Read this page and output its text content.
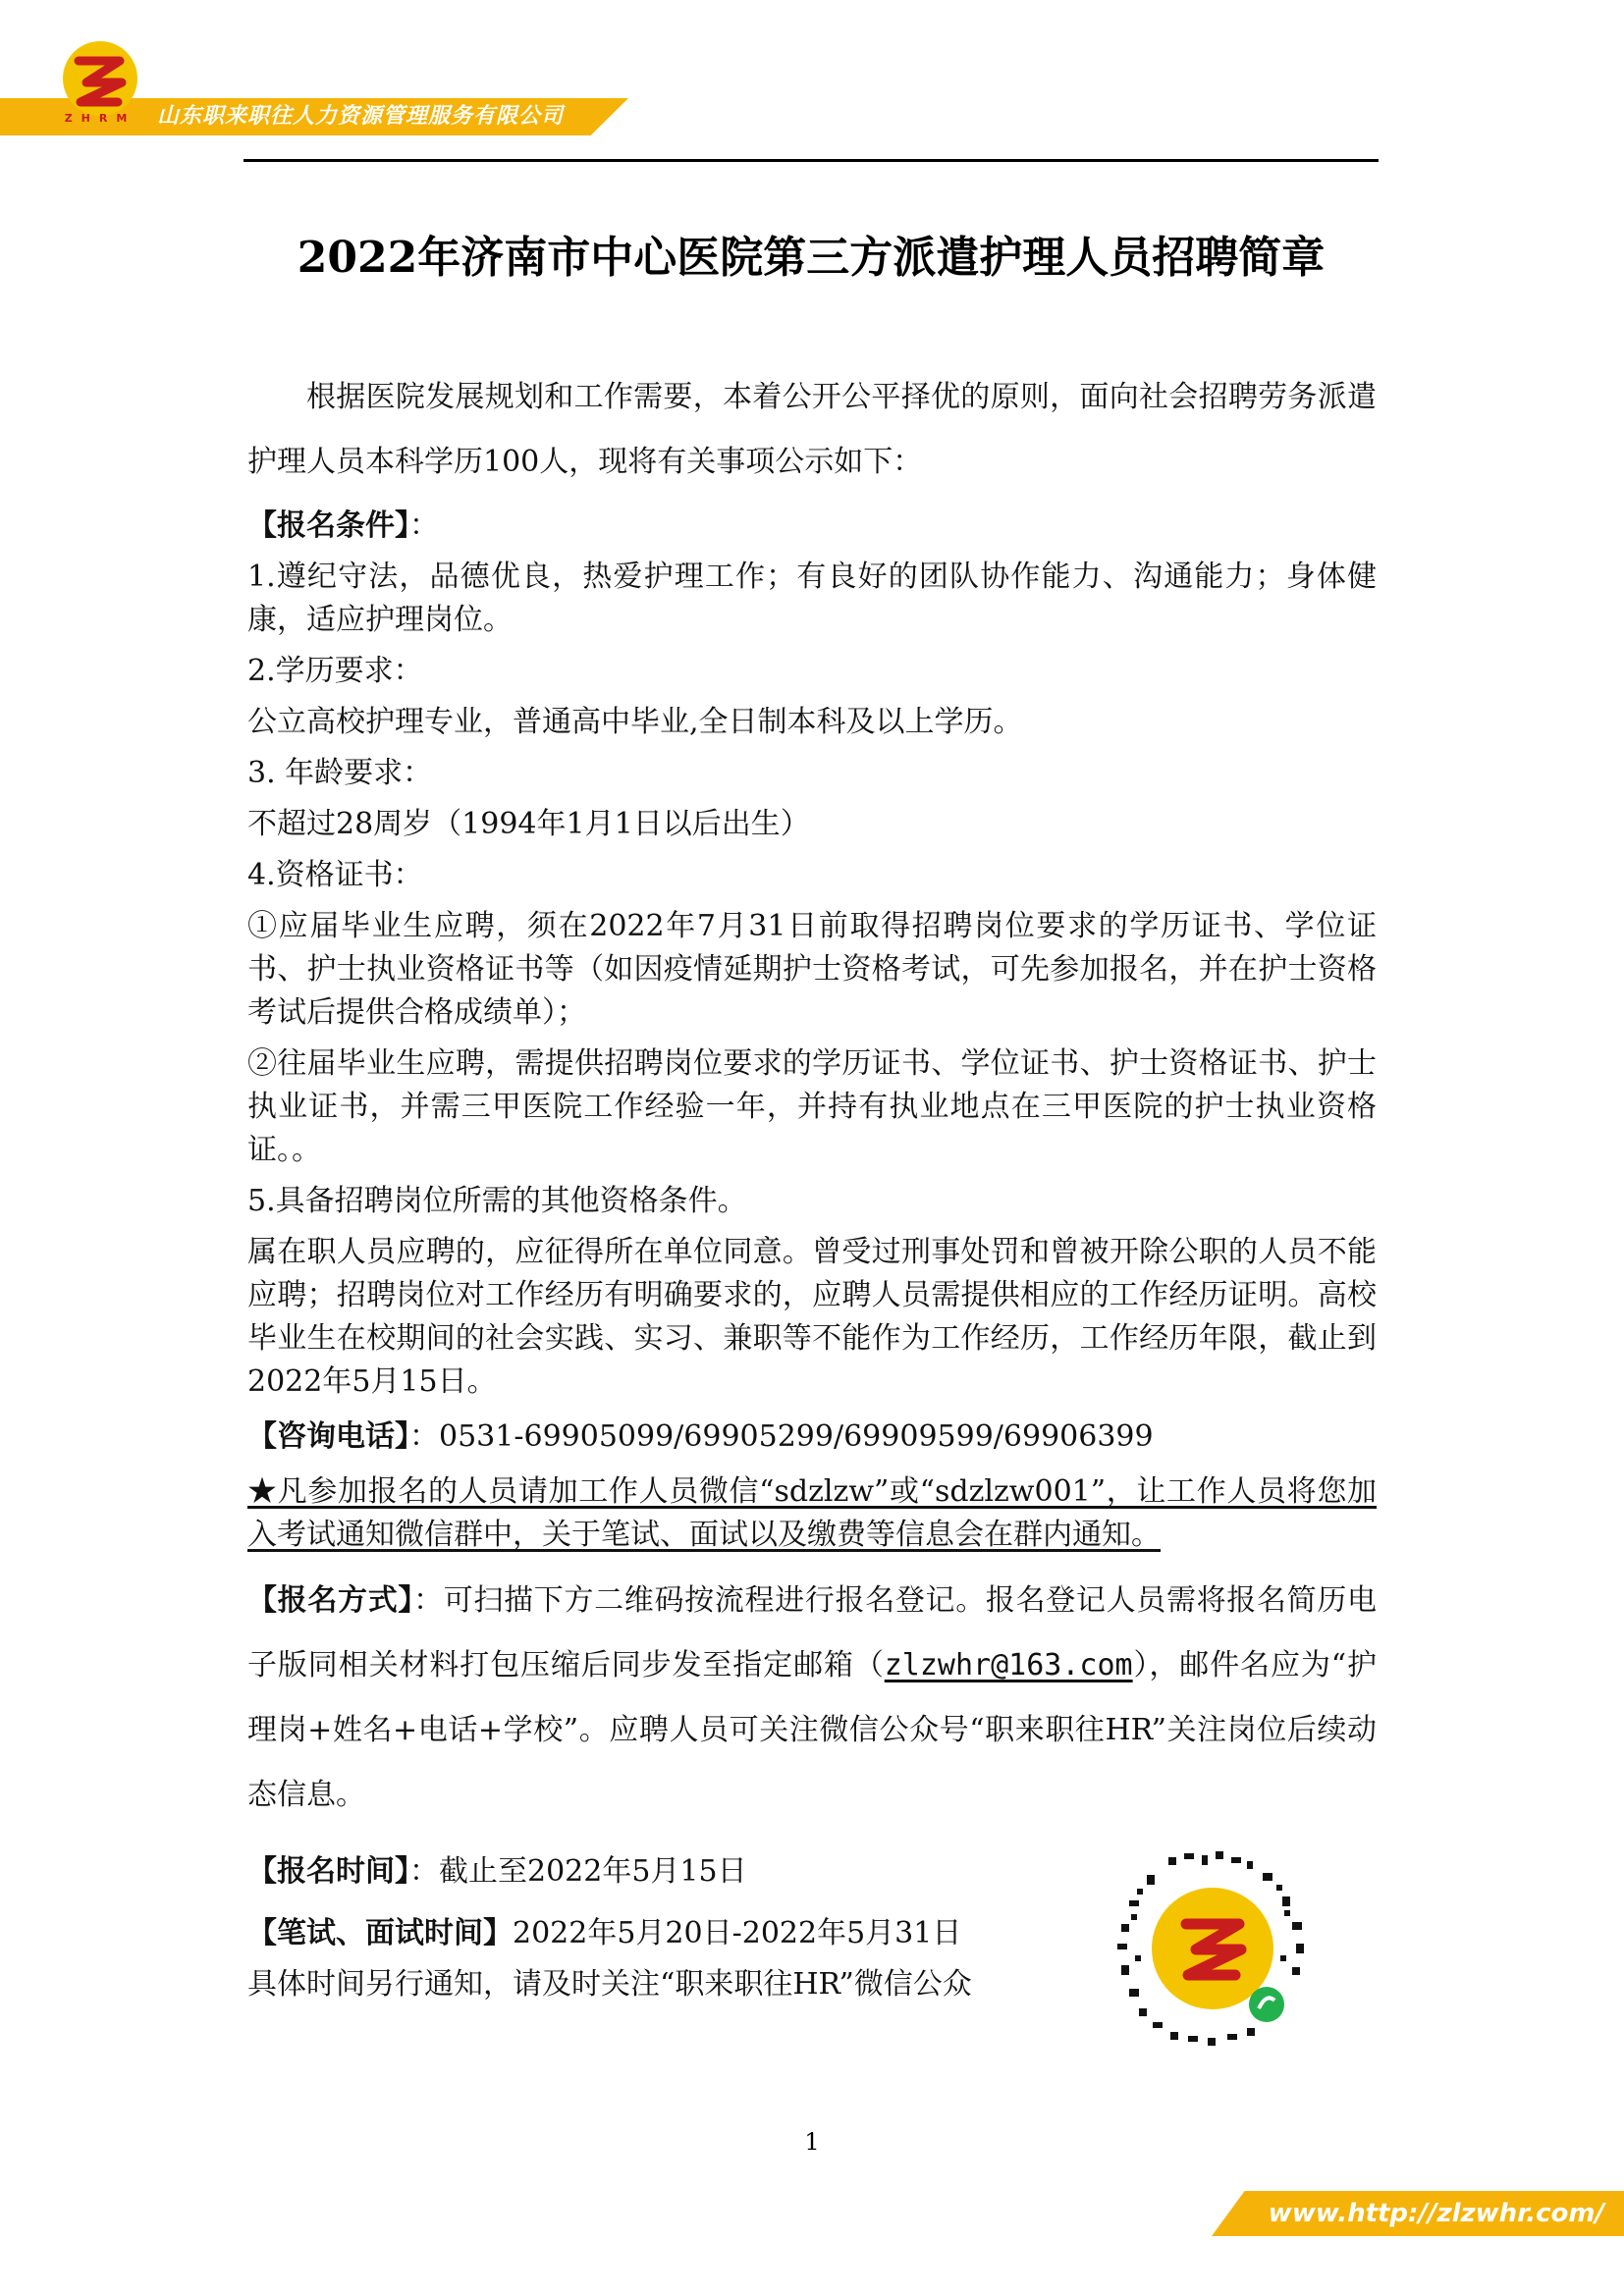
ZHRM 山东职来职往人力资源管理服务有限公司
2022年济南市中心医院第三方派遣护理人员招聘简章

根据医院发展规划和工作需要，本着公开公平择优的原则，面向社会招聘劳务派遣护理人员本科学历100人，现将有关事项公示如下：

【报名条件】：

1.遵纪守法，品德优良，热爱护理工作；有良好的团队协作能力、沟通能力；身体健康，适应护理岗位。

2.学历要求：

公立高校护理专业，普通高中毕业,全日制本科及以上学历。

3. 年龄要求：

不超过28周岁（1994年1月1日以后出生）

4.资格证书：

①应届毕业生应聘，须在2022年7月31日前取得招聘岗位要求的学历证书、学位证书、护士执业资格证书等（如因疫情延期护士资格考试，可先参加报名，并在护士资格考试后提供合格成绩单）；

②往届毕业生应聘，需提供招聘岗位要求的学历证书、学位证书、护士资格证书、护士执业证书，并需三甲医院工作经验一年，并持有执业地点在三甲医院的护士执业资格证。。

5.具备招聘岗位所需的其他资格条件。

属在职人员应聘的，应征得所在单位同意。曾受过刑事处罚和曾被开除公职的人员不能应聘；招聘岗位对工作经历有明确要求的，应聘人员需提供相应的工作经历证明。高校毕业生在校期间的社会实践、实习、兼职等不能作为工作经历，工作经历年限，截止到2022年5月15日。

【咨询电话】：0531-69905099/69905299/69909599/69906399

★凡参加报名的人员请加工作人员微信“sdzlzw”或“sdzlzw001”，让工作人员将您加入考试通知微信群中，关于笔试、面试以及缴费等信息会在群内通知。

【报名方式】：可扫描下方二维码按流程进行报名登记。报名登记人员需将报名简历电子版同相关材料打包压缩后同步发至指定邮箱（zlzwhr@163.com），邮件名应为“护理岗+姓名+电话+学校”。应聘人员可关注微信公众号“职来职往HR”关注岗位后续动态信息。

【报名时间】：截止至2022年5月15日

【笔试、面试时间】2022年5月20日-2022年5月31日

具体时间另行通知，请及时关注“职来职往HR”微信公众

1
www.http://zlzwhr.com/
